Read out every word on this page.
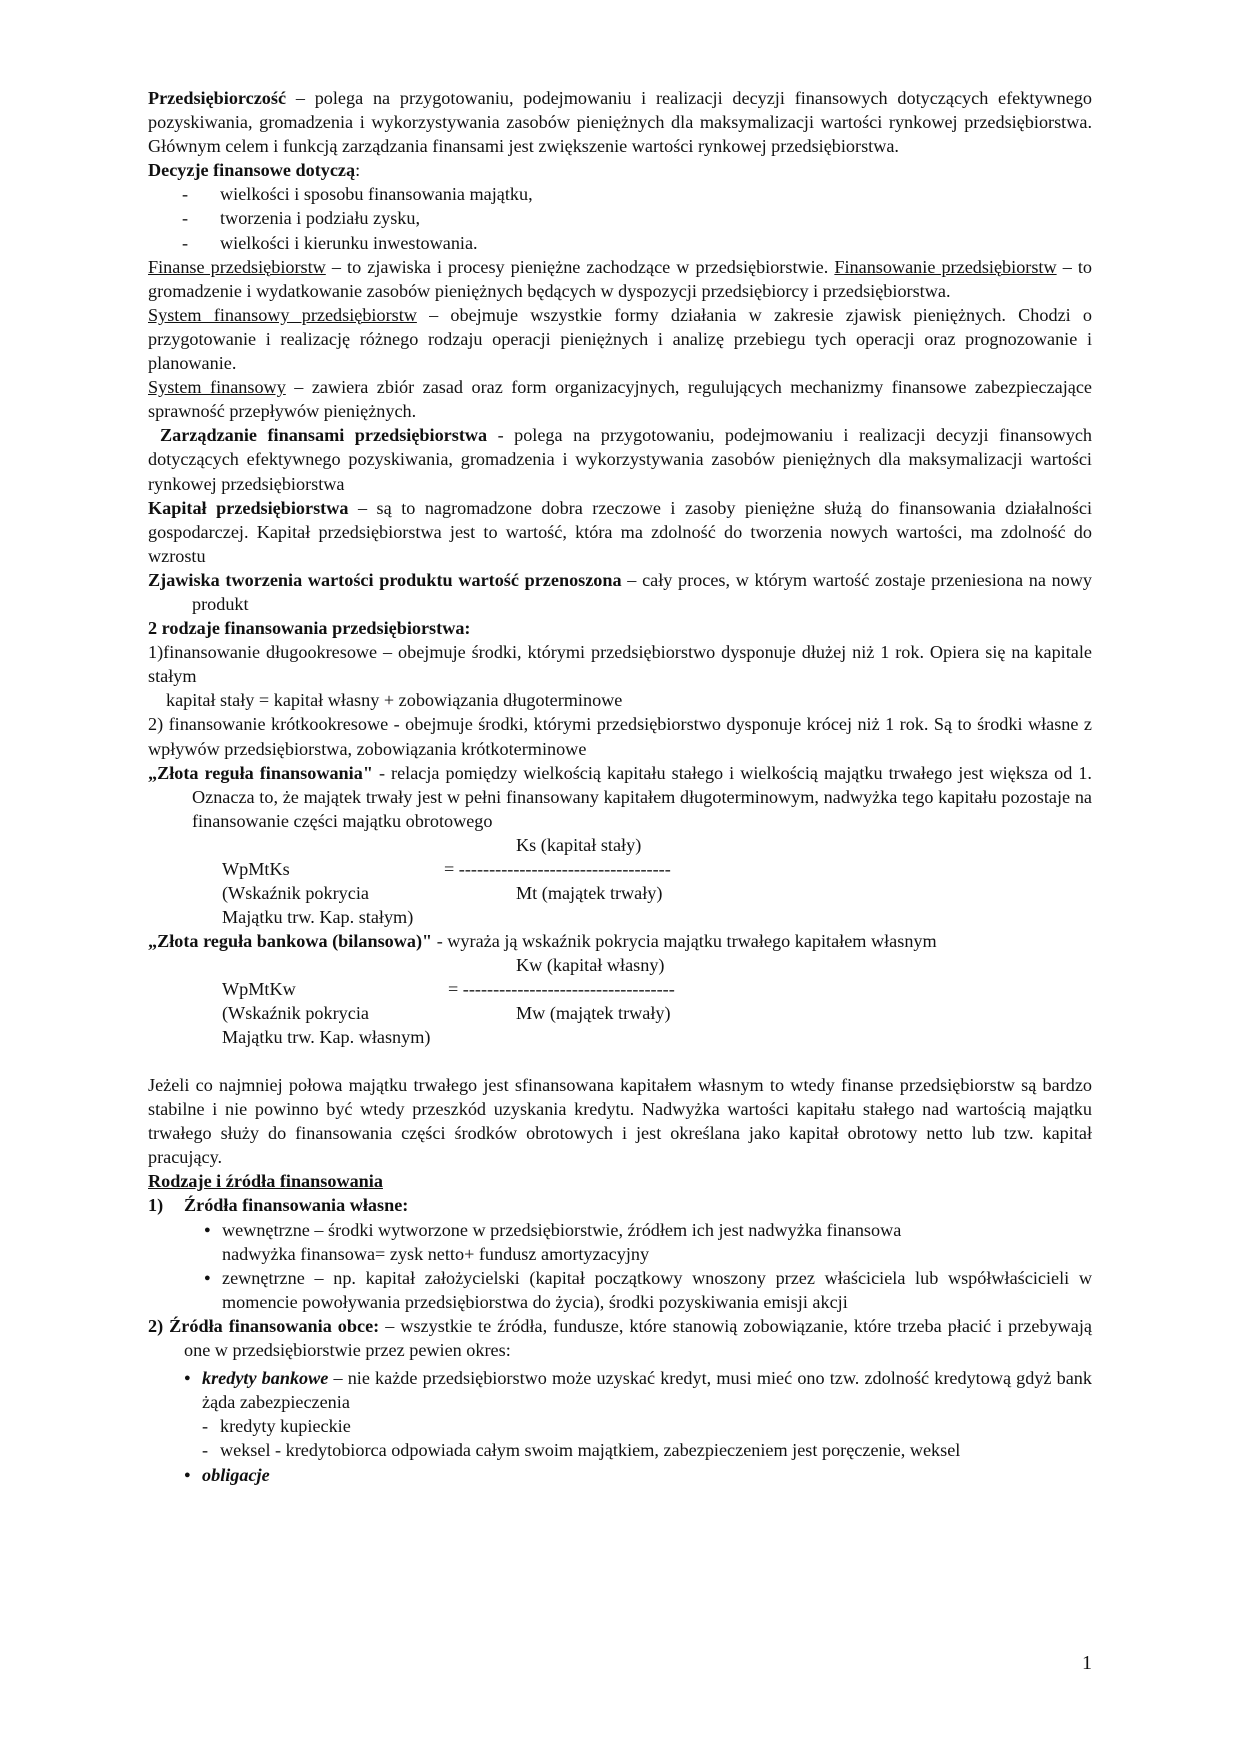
Przedsiębiorczość – polega na przygotowaniu, podejmowaniu i realizacji decyzji finansowych dotyczących efektywnego pozyskiwania, gromadzenia i wykorzystywania zasobów pieniężnych dla maksymalizacji wartości rynkowej przedsiębiorstwa. Głównym celem i funkcją zarządzania finansami jest zwiększenie wartości rynkowej przedsiębiorstwa.

Decyzje finansowe dotyczą:

- wielkości i sposobu finansowania majątku,
- tworzenia i podziału zysku,
- wielkości i kierunku inwestowania.

Finanse przedsiębiorstw – to zjawiska i procesy pieniężne zachodzące w przedsiębiorstwie. Finansowanie przedsiębiorstw – to gromadzenie i wydatkowanie zasobów pieniężnych będących w dyspozycji przedsiębiorcy i przedsiębiorstwa.

System finansowy przedsiębiorstw – obejmuje wszystkie formy działania w zakresie zjawisk pieniężnych. Chodzi o przygotowanie i realizację różnego rodzaju operacji pieniężnych i analizę przebiegu tych operacji oraz prognozowanie i planowanie.

System finansowy – zawiera zbiór zasad oraz form organizacyjnych, regulujących mechanizmy finansowe zabezpieczające sprawność przepływów pieniężnych.

Zarządzanie finansami przedsiębiorstwa - polega na przygotowaniu, podejmowaniu i realizacji decyzji finansowych dotyczących efektywnego pozyskiwania, gromadzenia i wykorzystywania zasobów pieniężnych dla maksymalizacji wartości rynkowej przedsiębiorstwa

Kapitał przedsiębiorstwa – są to nagromadzone dobra rzeczowe i zasoby pieniężne służą do finansowania działalności gospodarczej. Kapitał przedsiębiorstwa jest to wartość, która ma zdolność do tworzenia nowych wartości, ma zdolność do wzrostu

Zjawiska tworzenia wartości produktu wartość przenoszona – cały proces, w którym wartość zostaje przeniesiona na nowy produkt

2 rodzaje finansowania przedsiębiorstwa:

1)finansowanie długookresowe – obejmuje środki, którymi przedsiębiorstwo dysponuje dłużej niż 1 rok. Opiera się na kapitale stałym

kapitał stały = kapitał własny + zobowiązania długoterminowe

2) finansowanie krótkookresowe - obejmuje środki, którymi przedsiębiorstwo dysponuje krócej niż 1 rok. Są to środki własne z wpływów przedsiębiorstwa, zobowiązania krótkoterminowe

„Złota reguła finansowania" - relacja pomiędzy wielkością kapitału stałego i wielkością majątku trwałego jest większa od 1. Oznacza to, że majątek trwały jest w pełni finansowany kapitałem długoterminowym, nadwyżka tego kapitału pozostaje na finansowanie części majątku obrotowego

Ks (kapitał stały)
WpMtKs	= -----------------------------------
(Wskaźnik pokrycia	Mt (majątek trwały)
Majątku trw. Kap. stałym)

„Złota reguła bankowa (bilansowa)" - wyraża ją wskaźnik pokrycia majątku trwałego kapitałem własnym

Kw (kapitał własny)
WpMtKw	= -----------------------------------
(Wskaźnik pokrycia	Mw (majątek trwały)
Majątku trw. Kap. własnym)

Jeżeli co najmniej połowa majątku trwałego jest sfinansowana kapitałem własnym to wtedy finanse przedsiębiorstw są bardzo stabilne i nie powinno być wtedy przeszkód uzyskania kredytu. Nadwyżka wartości kapitału stałego nad wartością majątku trwałego służy do finansowania części środków obrotowych i jest określana jako kapitał obrotowy netto lub tzw. kapitał pracujący.

Rodzaje i źródła finansowania

1) Źródła finansowania własne:

● wewnętrzne – środki wytworzone w przedsiębiorstwie, źródłem ich jest nadwyżka finansowa
nadwyżka finansowa= zysk netto+ fundusz amortyzacyjny

● zewnętrzne – np. kapitał założycielski (kapitał początkowy wnoszony przez właściciela lub współwłaścicieli w momencie powoływania przedsiębiorstwa do życia), środki pozyskiwania emisji akcji

2) Źródła finansowania obce: – wszystkie te źródła, fundusze, które stanowią zobowiązanie, które trzeba płacić i przebywają one w przedsiębiorstwie przez pewien okres:

● kredyty bankowe – nie każde przedsiębiorstwo może uzyskać kredyt, musi mieć ono tzw. zdolność kredytową gdyż bank żąda zabezpieczenia

- kredyty kupieckie

- weksel - kredytobiorca odpowiada całym swoim majątkiem, zabezpieczeniem jest poręczenie, weksel

● obligacje

1
